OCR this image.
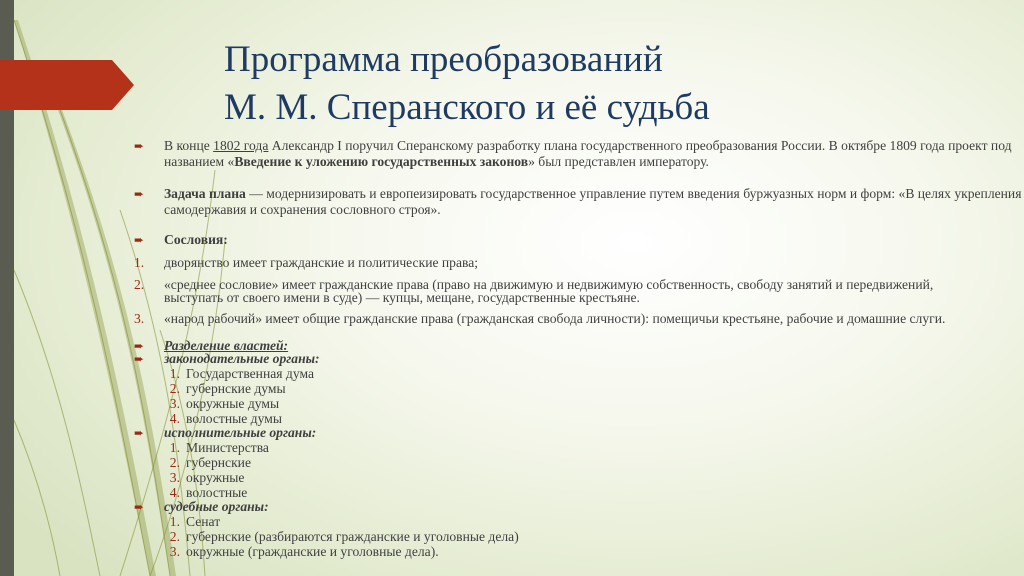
Программа преобразований
М. М. Сперанского и её судьба
➨	В конце 1802 года Александр I поручил Сперанскому разработку плана государственного преобразования России. В октябре 1809 года проект под названием «Введение к уложению государственных законов» был представлен императору.
➨	Задача плана — модернизировать и европеизировать государственное управление путем введения буржуазных норм и форм: «В целях укрепления самодержавия и сохранения сословного строя».
➨	Сословия:
1.	дворянство имеет гражданские и политические права;
2.	«среднее сословие» имеет гражданские права (право на движимую и недвижимую собственность, свободу занятий и передвижений, выступать от своего имени в суде) — купцы, мещане, государственные крестьяне.
3.	«народ рабочий» имеет общие гражданские права (гражданская свобода личности): помещичьи крестьяне, рабочие и домашние слуги.
➨ Разделение властей:
➨ законодательные органы:
1. Государственная дума
2. губернские думы
3. окружные думы
4. волостные думы
➨ исполнительные органы:
1. Министерства
2. губернские
3. окружные
4. волостные
➨ судебные органы:
1. Сенат
2. губернские (разбираются гражданские и уголовные дела)
3. окружные (гражданские и уголовные дела).
